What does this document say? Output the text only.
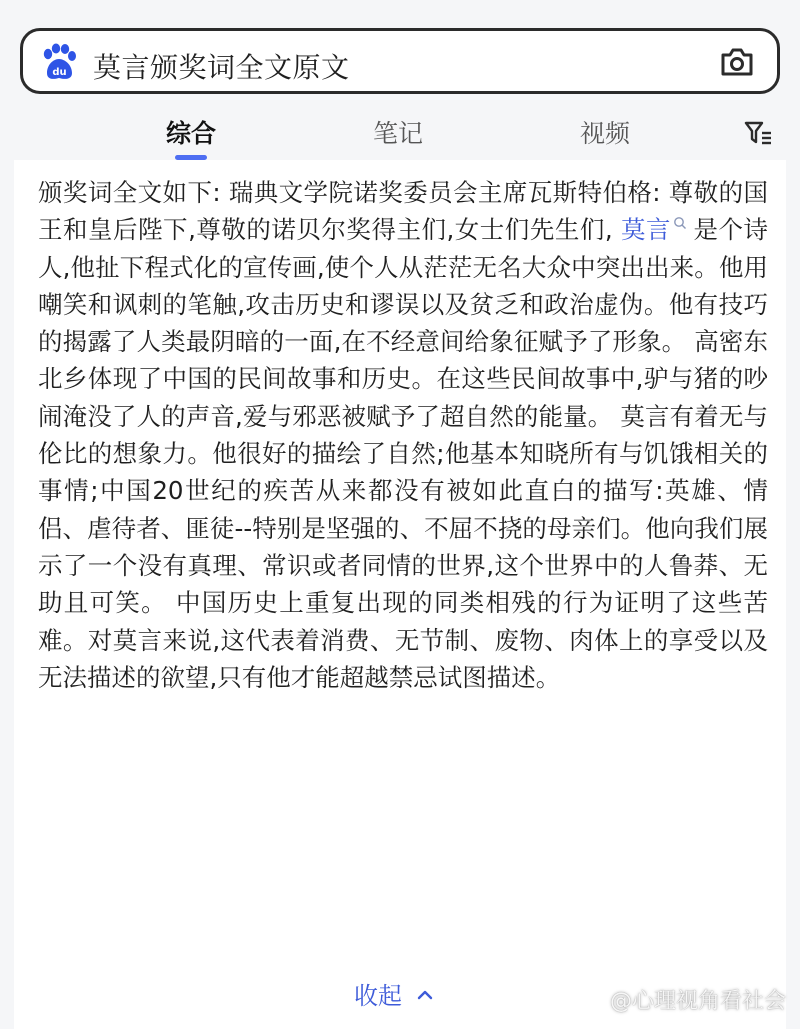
du 莫言颁奖词全文原文
综合	笔记	视频

颁奖词全文如下: 瑞典文学院诺奖委员会主席瓦斯特伯格: 尊敬的国王和皇后陛下,尊敬的诺贝尔奖得主们,女士们先生们, 莫言 是个诗人,他扯下程式化的宣传画,使个人从茫茫无名大众中突出出来。他用嘲笑和讽刺的笔触,攻击历史和谬误以及贫乏和政治虚伪。他有技巧的揭露了人类最阴暗的一面,在不经意间给象征赋予了形象。 高密东北乡体现了中国的民间故事和历史。在这些民间故事中,驴与猪的吵闹淹没了人的声音,爱与邪恶被赋予了超自然的能量。 莫言有着无与伦比的想象力。他很好的描绘了自然;他基本知晓所有与饥饿相关的事情;中国20世纪的疾苦从来都没有被如此直白的描写:英雄、情侣、虐待者、匪徒--特别是坚强的、不屈不挠的母亲们。他向我们展示了一个没有真理、常识或者同情的世界,这个世界中的人鲁莽、无助且可笑。 中国历史上重复出现的同类相残的行为证明了这些苦难。对莫言来说,这代表着消费、无节制、废物、肉体上的享受以及无法描述的欲望,只有他才能超越禁忌试图描述。

收起	@心理视角看社会
